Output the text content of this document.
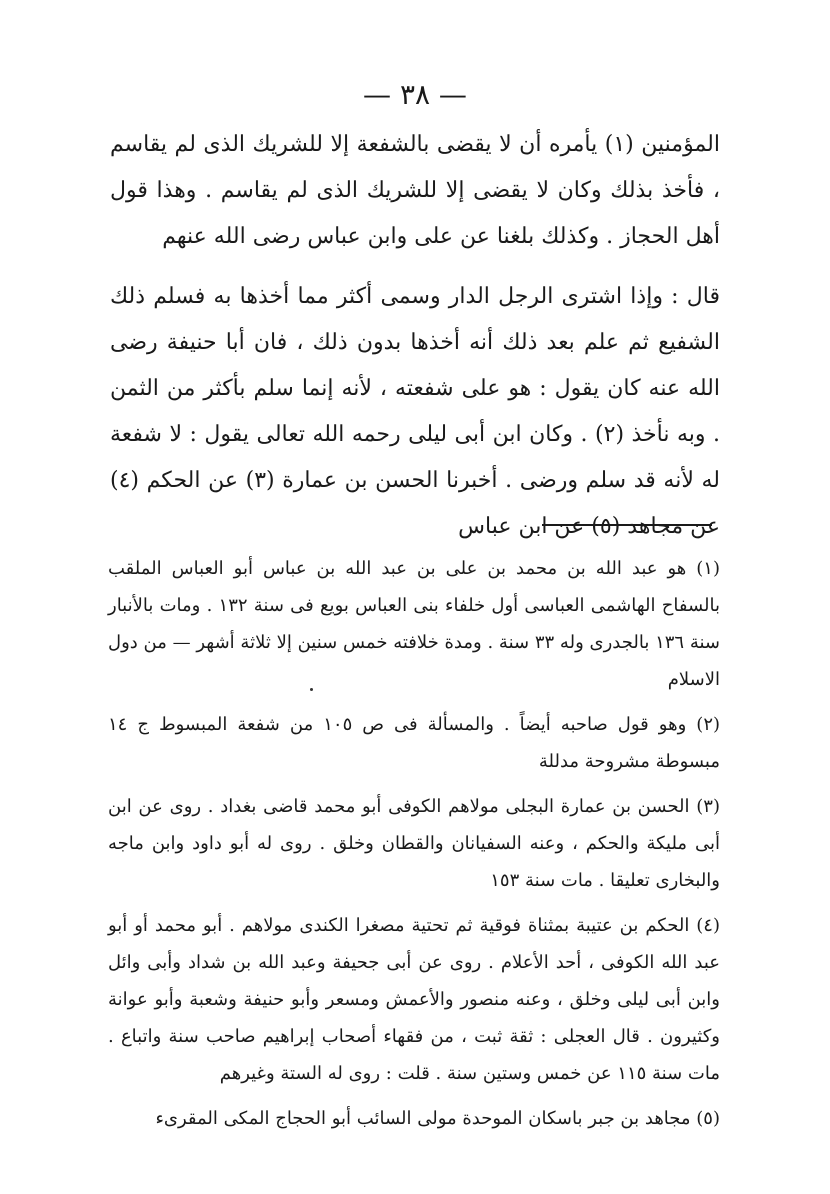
— ٣٨ —

المؤمنين (١) يأمره أن لا يقضى بالشفعة إلا للشريك الذى لم يقاسم ، فأخذ بذلك وكان لا يقضى إلا للشريك الذى لم يقاسم . وهذا قول أهل الحجاز . وكذلك بلغنا عن على وابن عباس رضى الله عنهم

قال : وإذا اشترى الرجل الدار وسمى أكثر مما أخذها به فسلم ذلك الشفيع ثم علم بعد ذلك أنه أخذها بدون ذلك ، فان أبا حنيفة رضى الله عنه كان يقول : هو على شفعته ، لأنه إنما سلم بأكثر من الثمن . وبه نأخذ (٢) . وكان ابن أبى ليلى رحمه الله تعالى يقول : لا شفعة له لأنه قد سلم ورضى . أخبرنا الحسن بن عمارة (٣) عن الحكم (٤) عن مجاهد (٥) عن ابن عباس

(١) هو عبد الله بن محمد بن على بن عبد الله بن عباس أبو العباس الملقب بالسفاح الهاشمى العباسى أول خلفاء بنى العباس بويع فى سنة ١٣٢ . ومات بالأنبار سنة ١٣٦ بالجدرى وله ٣٣ سنة . ومدة خلافته خمس سنين إلا ثلاثة أشهر — من دول الاسلام

(٢) وهو قول صاحبه أيضاً . والمسألة فى ص ١٠٥ من شفعة المبسوط ج ١٤ مبسوطة مشروحة مدللة

(٣) الحسن بن عمارة البجلى مولاهم الكوفى أبو محمد قاضى بغداد . روى عن ابن أبى مليكة والحكم ، وعنه السفيانان والقطان وخلق . روى له أبو داود وابن ماجه والبخارى تعليقا . مات سنة ١٥٣

(٤) الحكم بن عتيبة بمثناة فوقية ثم تحتية مصغرا الكندى مولاهم . أبو محمد أو أبو عبد الله الكوفى ، أحد الأعلام . روى عن أبى جحيفة وعبد الله بن شداد وأبى وائل وابن أبى ليلى وخلق ، وعنه منصور والأعمش ومسعر وأبو حنيفة وشعبة وأبو عوانة وكثيرون . قال العجلى : ثقة ثبت ، من فقهاء أصحاب إبراهيم صاحب سنة واتباع . مات سنة ١١٥ عن خمس وستين سنة . قلت : روى له الستة وغيرهم

(٥) مجاهد بن جبر باسكان الموحدة مولى السائب أبو الحجاج المكى المقرىء
